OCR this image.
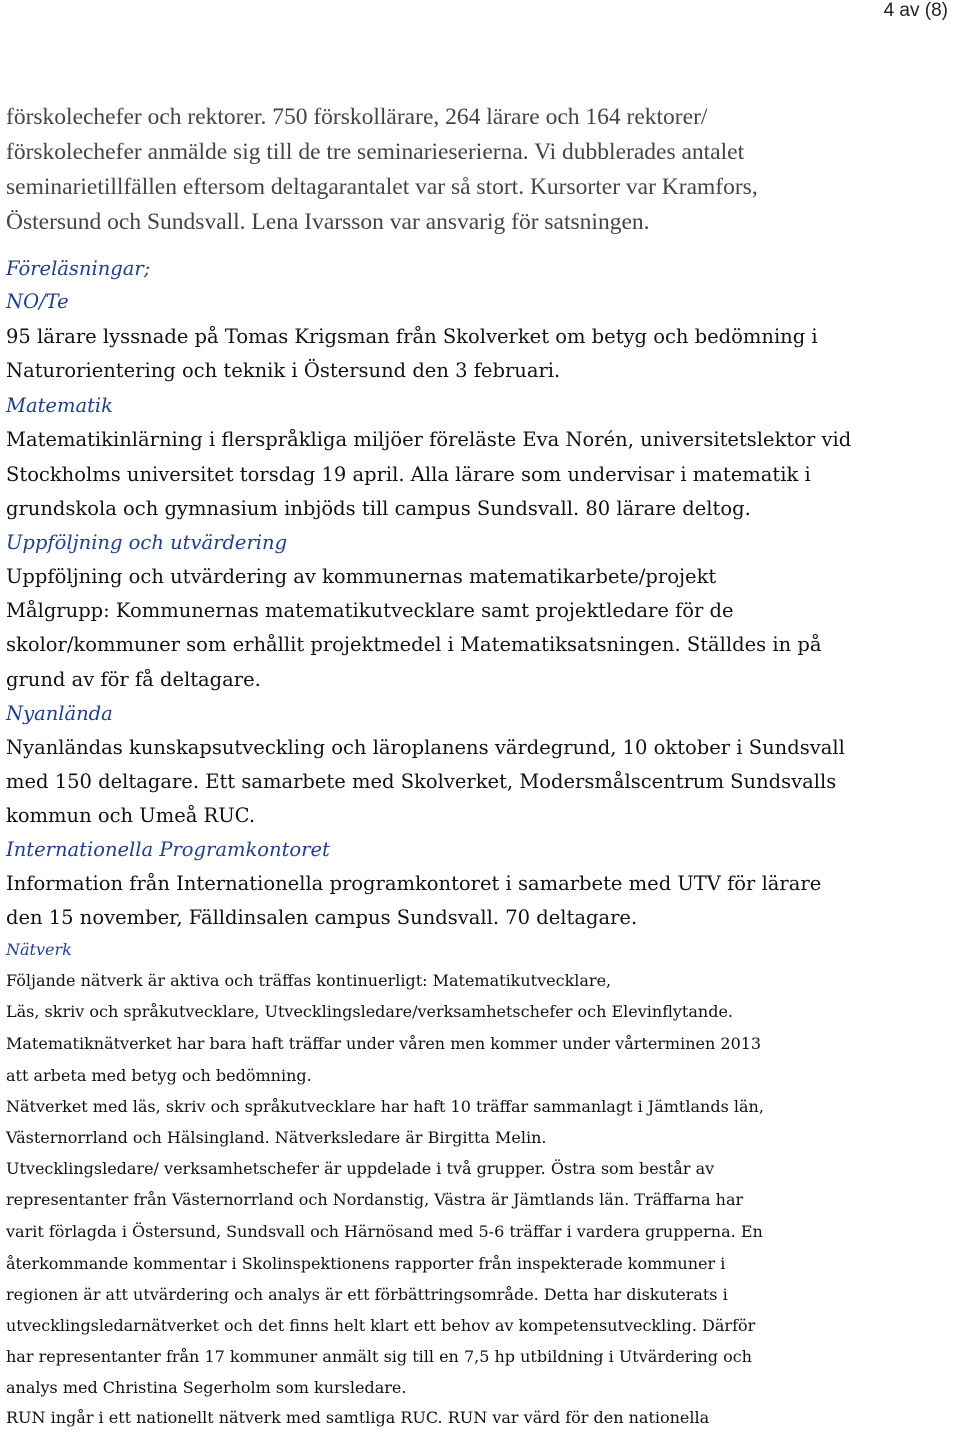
4 av (8)
förskolechefer och rektorer. 750 förskollärare, 264 lärare och 164 rektorer/
förskolechefer anmälde sig till de tre seminarieserierna. Vi dubblerades antalet
seminarietillfällen eftersom deltagarantalet var så stort. Kursorter var Kramfors,
Östersund och Sundsvall. Lena Ivarsson var ansvarig för satsningen.
Föreläsningar;
NO/Te
95 lärare lyssnade på Tomas Krigsman från Skolverket om betyg och bedömning i
Naturorientering och teknik i Östersund den 3 februari.
Matematik
Matematikinlärning i flerspråkliga miljöer föreläste Eva Norén, universitetslektor vid
Stockholms universitet torsdag 19 april. Alla lärare som undervisar i matematik i
grundskola och gymnasium inbjöds till campus Sundsvall. 80 lärare deltog.
Uppföljning och utvärdering
Uppföljning och utvärdering av kommunernas matematikarbete/projekt
Målgrupp: Kommunernas matematikutvecklare samt projektledare för de
skolor/kommuner som erhållit projektmedel i Matematiksatsningen. Ställdes in på
grund av för få deltagare.
Nyanlända
Nyanländas kunskapsutveckling och läroplanens värdegrund, 10 oktober i Sundsvall
med 150 deltagare. Ett samarbete med Skolverket, Modersmålscentrum Sundsvalls
kommun och Umeå RUC.
Internationella Programkontoret
Information från Internationella programkontoret i samarbete med UTV för lärare
den 15 november, Fälldinsalen campus Sundsvall. 70 deltagare.
Nätverk
Följande nätverk är aktiva och träffas kontinuerligt: Matematikutvecklare,
Läs, skriv och språkutvecklare, Utvecklingsledare/verksamhetschefer och Elevinflytande.
Matematiknätverket har bara haft träffar under våren men kommer under vårterminen 2013
att arbeta med betyg och bedömning.
Nätverket med läs, skriv och språkutvecklare har haft 10 träffar sammanlagt i Jämtlands län,
Västernorrland och Hälsingland. Nätverksledare är Birgitta Melin.
Utvecklingsledare/ verksamhetschefer är uppdelade i två grupper. Östra som består av
representanter från Västernorrland och Nordanstig, Västra är Jämtlands län. Träffarna har
varit förlagda i Östersund, Sundsvall och Härnösand med 5-6 träffar i vardera grupperna. En
återkommande kommentar i Skolinspektionens rapporter från inspekterade kommuner i
regionen är att utvärdering och analys är ett förbättringsområde. Detta har diskuterats i
utvecklingsledarnätverket och det finns helt klart ett behov av kompetensutveckling. Därför
har representanter från 17 kommuner anmält sig till en 7,5 hp utbildning i Utvärdering och
analys med Christina Segerholm som kursledare.
RUN ingår i ett nationellt nätverk med samtliga RUC. RUN var värd för den nationella
